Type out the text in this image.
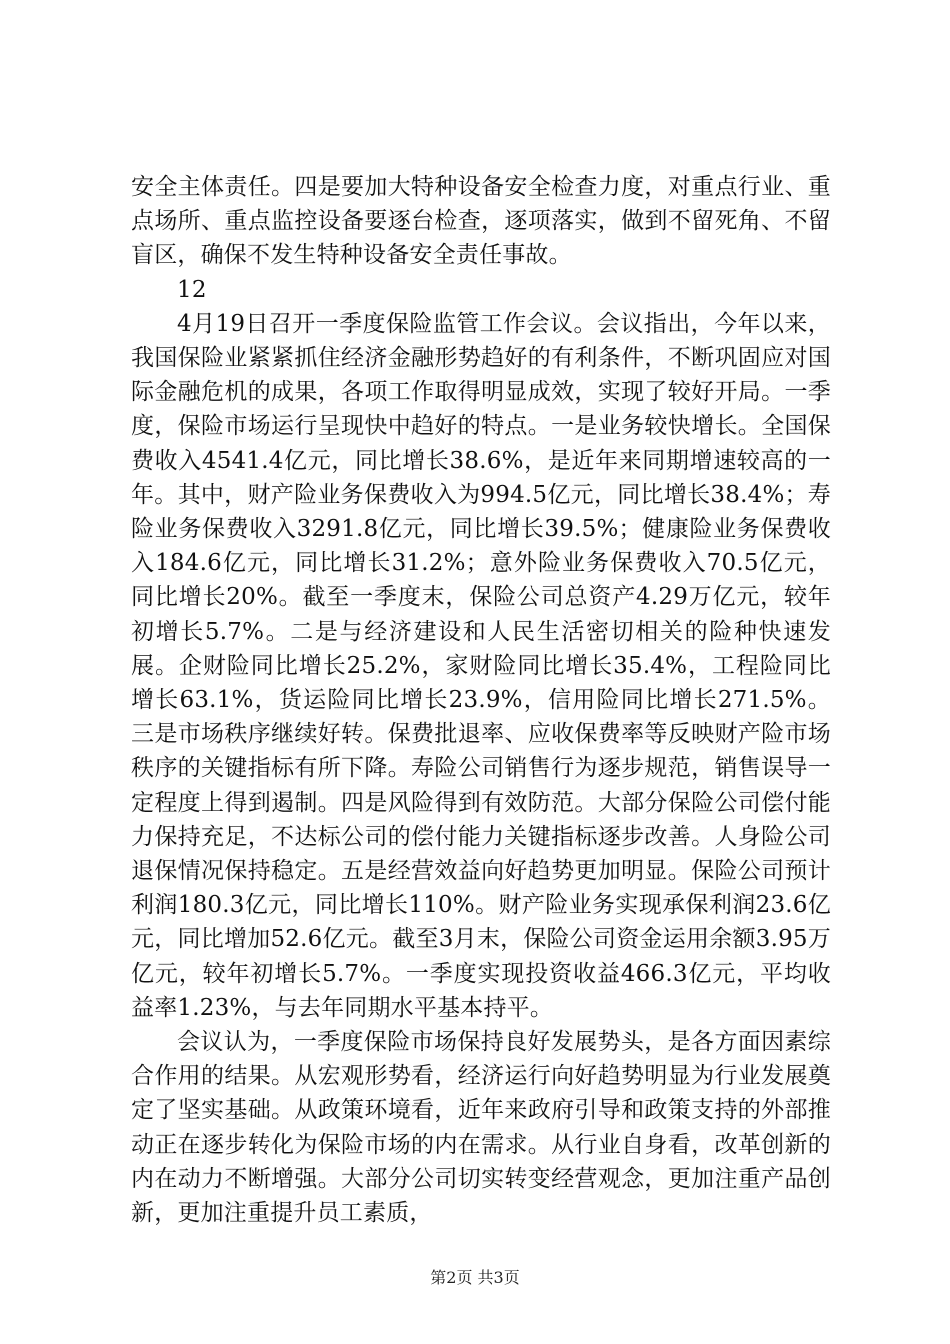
安全主体责任。四是要加大特种设备安全检查力度，对重点行业、重点场所、重点监控设备要逐台检查，逐项落实，做到不留死角、不留盲区，确保不发生特种设备安全责任事故。

12

4月19日召开一季度保险监管工作会议。会议指出，今年以来，我国保险业紧紧抓住经济金融形势趋好的有利条件，不断巩固应对国际金融危机的成果，各项工作取得明显成效，实现了较好开局。一季度，保险市场运行呈现快中趋好的特点。一是业务较快增长。全国保费收入4541.4亿元，同比增长38.6%，是近年来同期增速较高的一年。其中，财产险业务保费收入为994.5亿元，同比增长38.4%；寿险业务保费收入3291.8亿元，同比增长39.5%；健康险业务保费收入184.6亿元，同比增长31.2%；意外险业务保费收入70.5亿元，同比增长20%。截至一季度末，保险公司总资产4.29万亿元，较年初增长5.7%。二是与经济建设和人民生活密切相关的险种快速发展。企财险同比增长25.2%，家财险同比增长35.4%，工程险同比增长63.1%，货运险同比增长23.9%，信用险同比增长271.5%。三是市场秩序继续好转。保费批退率、应收保费率等反映财产险市场秩序的关键指标有所下降。寿险公司销售行为逐步规范，销售误导一定程度上得到遏制。四是风险得到有效防范。大部分保险公司偿付能力保持充足，不达标公司的偿付能力关键指标逐步改善。人身险公司退保情况保持稳定。五是经营效益向好趋势更加明显。保险公司预计利润180.3亿元，同比增长110%。财产险业务实现承保利润23.6亿元，同比增加52.6亿元。截至3月末，保险公司资金运用余额3.95万亿元，较年初增长5.7%。一季度实现投资收益466.3亿元，平均收益率1.23%，与去年同期水平基本持平。

会议认为，一季度保险市场保持良好发展势头，是各方面因素综合作用的结果。从宏观形势看，经济运行向好趋势明显为行业发展奠定了坚实基础。从政策环境看，近年来政府引导和政策支持的外部推动正在逐步转化为保险市场的内在需求。从行业自身看，改革创新的内在动力不断增强。大部分公司切实转变经营观念，更加注重产品创新，更加注重提升员工素质，

第2页 共3页
